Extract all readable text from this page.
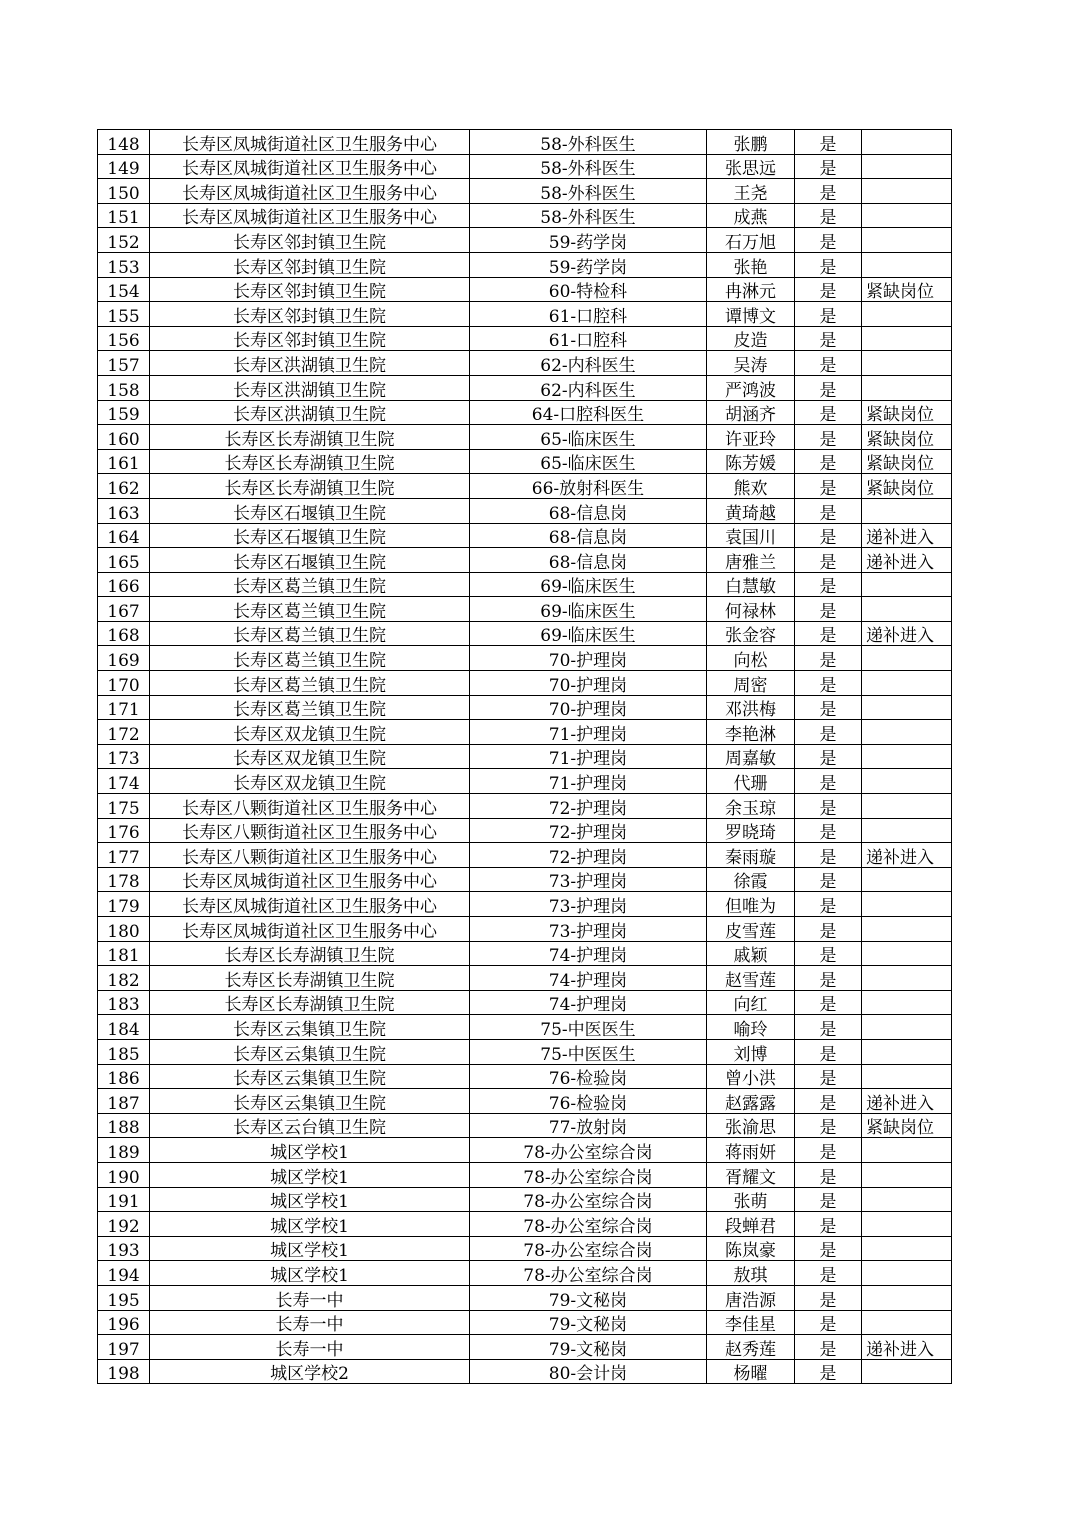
148	长寿区凤城街道社区卫生服务中心	58-外科医生	张鹏	是	
149	长寿区凤城街道社区卫生服务中心	58-外科医生	张思远	是	
150	长寿区凤城街道社区卫生服务中心	58-外科医生	王尧	是	
151	长寿区凤城街道社区卫生服务中心	58-外科医生	成燕	是	
152	长寿区邻封镇卫生院	59-药学岗	石万旭	是	
153	长寿区邻封镇卫生院	59-药学岗	张艳	是	
154	长寿区邻封镇卫生院	60-特检科	冉淋元	是	紧缺岗位
155	长寿区邻封镇卫生院	61-口腔科	谭博文	是	
156	长寿区邻封镇卫生院	61-口腔科	皮造	是	
157	长寿区洪湖镇卫生院	62-内科医生	吴涛	是	
158	长寿区洪湖镇卫生院	62-内科医生	严鸿波	是	
159	长寿区洪湖镇卫生院	64-口腔科医生	胡涵齐	是	紧缺岗位
160	长寿区长寿湖镇卫生院	65-临床医生	许亚玲	是	紧缺岗位
161	长寿区长寿湖镇卫生院	65-临床医生	陈芳媛	是	紧缺岗位
162	长寿区长寿湖镇卫生院	66-放射科医生	熊欢	是	紧缺岗位
163	长寿区石堰镇卫生院	68-信息岗	黄琦越	是	
164	长寿区石堰镇卫生院	68-信息岗	袁国川	是	递补进入
165	长寿区石堰镇卫生院	68-信息岗	唐雅兰	是	递补进入
166	长寿区葛兰镇卫生院	69-临床医生	白慧敏	是	
167	长寿区葛兰镇卫生院	69-临床医生	何禄林	是	
168	长寿区葛兰镇卫生院	69-临床医生	张金容	是	递补进入
169	长寿区葛兰镇卫生院	70-护理岗	向松	是	
170	长寿区葛兰镇卫生院	70-护理岗	周密	是	
171	长寿区葛兰镇卫生院	70-护理岗	邓洪梅	是	
172	长寿区双龙镇卫生院	71-护理岗	李艳淋	是	
173	长寿区双龙镇卫生院	71-护理岗	周嘉敏	是	
174	长寿区双龙镇卫生院	71-护理岗	代珊	是	
175	长寿区八颗街道社区卫生服务中心	72-护理岗	余玉琼	是	
176	长寿区八颗街道社区卫生服务中心	72-护理岗	罗晓琦	是	
177	长寿区八颗街道社区卫生服务中心	72-护理岗	秦雨璇	是	递补进入
178	长寿区凤城街道社区卫生服务中心	73-护理岗	徐霞	是	
179	长寿区凤城街道社区卫生服务中心	73-护理岗	但唯为	是	
180	长寿区凤城街道社区卫生服务中心	73-护理岗	皮雪莲	是	
181	长寿区长寿湖镇卫生院	74-护理岗	戚颖	是	
182	长寿区长寿湖镇卫生院	74-护理岗	赵雪莲	是	
183	长寿区长寿湖镇卫生院	74-护理岗	向红	是	
184	长寿区云集镇卫生院	75-中医医生	喻玲	是	
185	长寿区云集镇卫生院	75-中医医生	刘博	是	
186	长寿区云集镇卫生院	76-检验岗	曾小洪	是	
187	长寿区云集镇卫生院	76-检验岗	赵露露	是	递补进入
188	长寿区云台镇卫生院	77-放射岗	张渝思	是	紧缺岗位
189	城区学校1	78-办公室综合岗	蒋雨妍	是	
190	城区学校1	78-办公室综合岗	胥耀文	是	
191	城区学校1	78-办公室综合岗	张萌	是	
192	城区学校1	78-办公室综合岗	段蝉君	是	
193	城区学校1	78-办公室综合岗	陈岚豪	是	
194	城区学校1	78-办公室综合岗	敖琪	是	
195	长寿一中	79-文秘岗	唐浩源	是	
196	长寿一中	79-文秘岗	李佳星	是	
197	长寿一中	79-文秘岗	赵秀莲	是	递补进入
198	城区学校2	80-会计岗	杨曜	是	
